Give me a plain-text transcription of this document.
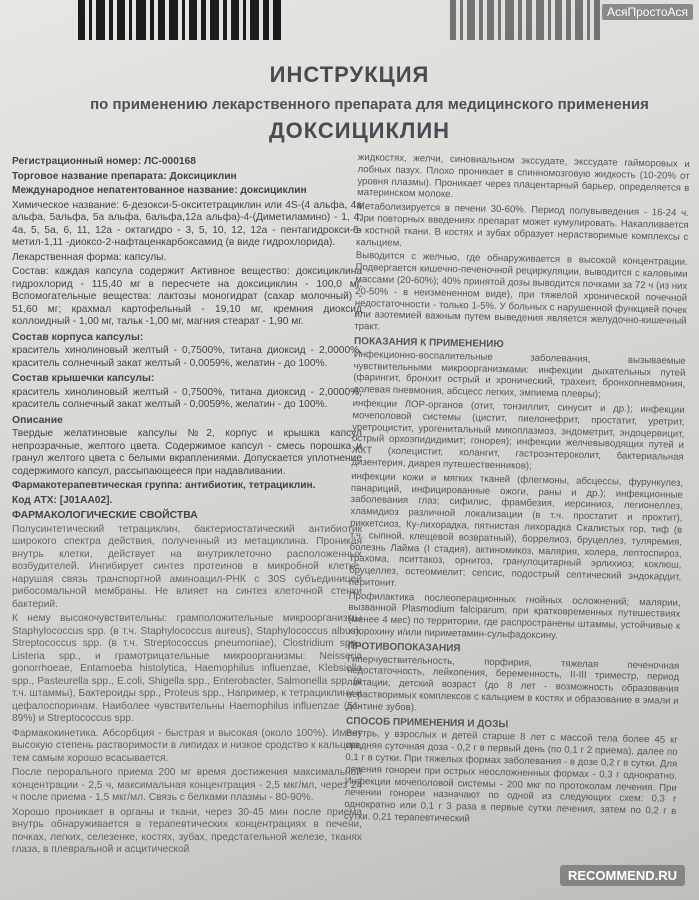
АсяПростоАся
ИНСТРУКЦИЯ
по применению лекарственного препарата для медицинского применения
ДОКСИЦИКЛИН

Регистрационный номер: ЛС-000168

Торговое название препарата: Доксициклин

Международное непатентованное название: доксициклин

Химическое название: 6-дезокси-5-окситетрациклин или 4S-(4 альфа, 4а альфа, 5альфа, 5а альфа, 6альфа,12а альфа)-4-(Диметиламино) - 1, 4, 4а, 5, 5а, 6, 11, 12а - октагидро - 3, 5, 10, 12, 12а - пентагидрокси-6-метил-1,11 -диоксо-2-нафтаценкарбоксамид (в виде гидрохлорида).

Лекарственная форма: капсулы.

Состав: каждая капсула содержит Активное вещество: доксициклина гидрохлорид - 115,40 мг в пересчете на доксициклин - 100,0 мг. Вспомогательные вещества: лактозы моногидрат (сахар молочный) - 51,60 мг; крахмал картофельный - 19,10 мг, кремния диоксид коллоидный - 1,00 мг, тальк -1,00 мг, магния стеарат - 1,90 мг.

Состав корпуса капсулы:

краситель хинолиновый желтый - 0,7500%, титана диоксид - 2,0000%, краситель солнечный закат желтый - 0,0059%, желатин - до 100%.

Состав крышечки капсулы:

краситель хинолиновый желтый - 0,7500%, титана диоксид - 2,0000%, краситель солнечный закат желтый - 0,0059%, желатин - до 100%.

Описание

Твердые желатиновые капсулы №2, корпус и крышка капсул непрозрачные, желтого цвета. Содержимое капсул - смесь порошка и гранул желтого цвета с белыми вкраплениями. Допускается уплотнение содержимого капсул, рассыпающееся при надавливании.

Фармакотерапевтическая группа: антибиотик, тетрациклин.

Код АТХ: [J01AA02].

ФАРМАКОЛОГИЧЕСКИЕ СВОЙСТВА

Полусинтетический тетрациклин, бактериостатический антибиотик широкого спектра действия, полученный из метациклина. Проникая внутрь клетки, действует на внутриклеточно расположенных возбудителей. Ингибирует синтез протеинов в микробной клетке, нарушая связь транспортной аминоацил-РНК с 30S субъединицей рибосомальной мембраны. Не влияет на синтез клеточной стенки бактерий.

К нему высокочувствительны: грамположительные микроорганизмы Staphylococcus spp. (в т.ч. Staphylococcus aureus), Staphylococcus albus), Streptococcus spp. (в т.ч. Streptococcus pneumoniae), Clostridium spp., Listeria spp., и грамотрицательные микроорганизмы: Neisseria gonorrhoeae, Entamoeba histolytica, Haemophilus influenzae, Klebsiella spp., Pasteurella spp., E.coli, Shigella spp., Enterobacter, Salmonella spp. (в т.ч. штаммы), Бактероиды spp., Proteus spp., Например, к тетрациклину и цефалоспоринам. Наиболее чувствительны Haemophilus influenzae (51-89%) и Streptococcus spp.

Фармакокинетика. Абсорбция - быстрая и высокая (около 100%). Имеет высокую степень растворимости в липидах и низкое сродство к кальцию, тем самым хорошо всасывается.

После перорального приема 200 мг время достижения максимальной концентрации - 2,5 ч, максимальная концентрация - 2,5 мкг/мл, через 24 ч после приема - 1,5 мкг/мл. Связь с белками плазмы - 80-90%.

Хорошо проникает в органы и ткани, через 30-45 мин после приема внутрь обнаруживается в терапевтических концентрациях в печени, почках, легких, селезенке, костях, зубах, предстательной железе, тканях глаза, в плевральной и асцитической

жидкостях, желчи, синовиальном экссудате, экссудате гайморовых и лобных пазух. Плохо проникает в спинномозговую жидкость (10-20% от уровня плазмы). Проникает через плацентарный барьер, определяется в материнском молоке.

Метаболизируется в печени 30-60%. Период полувыведения - 16-24 ч. При повторных введениях препарат может кумулировать. Накапливается в костной ткани. В костях и зубах образует нерастворимые комплексы с кальцием.

Выводится с желчью, где обнаруживается в высокой концентрации. Подвергается кишечно-печеночной рециркуляции, выводится с каловыми массами (20-60%); 40% принятой дозы выводится почками за 72 ч (из них 20-50% - в неизмененном виде), при тяжелой хронической почечной недостаточности - только 1-5%. У больных с нарушенной функцией почек или азотемией важным путем выведения является желудочно-кишечный тракт.

ПОКАЗАНИЯ К ПРИМЕНЕНИЮ

Инфекционно-воспалительные заболевания, вызываемые чувствительными микроорганизмами: инфекции дыхательных путей (фарингит, бронхит острый и хронический, трахеит, бронхопневмония, долевая пневмония, абсцесс легких, эмпиема плевры);

инфекции ЛОР-органов (отит, тонзиллит, синусит и др.); инфекции мочеполовой системы (цистит, пиелонефрит, простатит, уретрит, уретроцистит, урогенитальный микоплазмоз, эндометрит, эндоцервицит, острый орхоэпидидимит; гонорея); инфекции желчевыводящих путей и ЖКТ (холецистит, холангит, гастроэнтероколит, бактериальная дизентерия, диарея путешественников);

инфекции кожи и мягких тканей (флегмоны, абсцессы, фурункулез, панариций, инфицированные ожоги, раны и др.); инфекционные заболевания глаз; сифилис, фрамбезия, иерсиниоз, легионеллез, хламидиоз различной локализации (в т.ч. простатит и проктит), риккетсиоз, Ку-лихорадка, пятнистая лихорадка Скалистых гор, тиф (в т.ч. сыпной, клещевой возвратный), боррелиоз, бруцеллез, туляремия, болезнь Лайма (I стадия), актиномикоз, малярия, холера, лептоспироз, трахома, пситтакоз, орнитоз, гранулоцитарный эрлихиоз; коклюш, бруцеллез, остеомиелит; сепсис, подострый септический эндокардит, перитонит.

Профилактика послеоперационных гнойных осложнений; малярии, вызванной Plasmodium falciparum, при кратковременных путешествиях (менее 4 мес) по территории, где распространены штаммы, устойчивые к хлорохину и/или пириметамин-сульфадоксину.

ПРОТИВОПОКАЗАНИЯ

Гиперчувствительность, порфирия, тяжелая печеночная недостаточность, лейкопения, беременность, II-III триместр, период лактации, детский возраст (до 8 лет - возможность образования нерастворимых комплексов с кальцием в костях и образование в эмали и дентине зубов).

СПОСОБ ПРИМЕНЕНИЯ И ДОЗЫ

Внутрь, у взрослых и детей старше 8 лет с массой тела более 45 кг средняя суточная доза - 0,2 г в первый день (по 0,1 г 2 приема), далее по 0,1 г в сутки. При тяжелых формах заболевания - в дозе 0,2 г в сутки. Для лечения гонореи при острых неосложненных формах - 0,3 г однократно. Инфекции мочеполовой системы - 200 мкг по протоколам лечения. При лечении гонореи назначают по одной из следующих схем: 0,3 г однократно или 0,1 г 3 раза в первые сутки лечения, затем по 0,2 г в сутки. 0,21 терапевтический

RECOMMEND.RU
